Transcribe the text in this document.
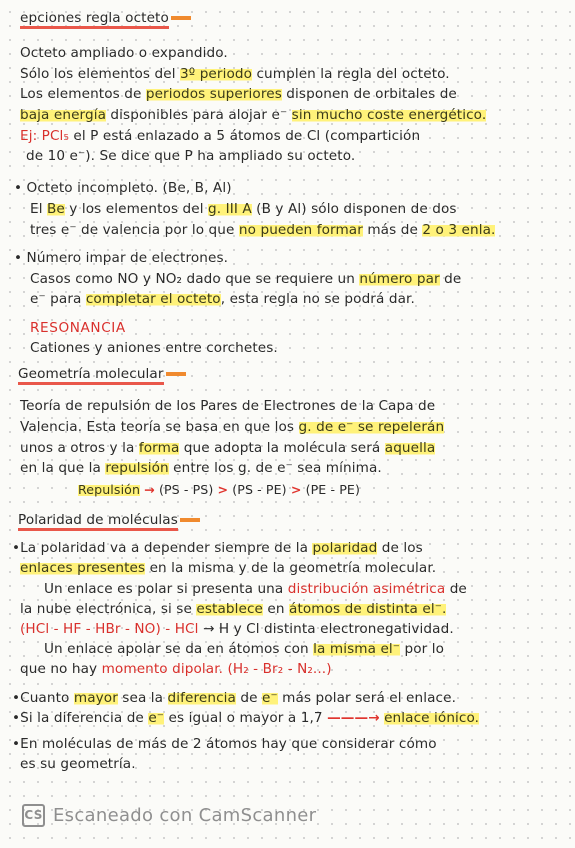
epciones regla octeto
Octeto ampliado o expandido.
Sólo los elementos del 3º periodo cumplen la regla del octeto.
Los elementos de periodos superiores disponen de orbitales de
baja energía disponibles para alojar e⁻ sin mucho coste energético.
Ej: PCl₅ el P está enlazado a 5 átomos de Cl (compartición
de 10 e⁻). Se dice que P ha ampliado su octeto.
• Octeto incompleto. (Be, B, Al)
El Be y los elementos del g. III A (B y Al) sólo disponen de dos
tres e⁻ de valencia por lo que no pueden formar más de 2 o 3 enla.
• Número impar de electrones.
Casos como NO y NO₂ dado que se requiere un número par de
e⁻ para completar el octeto, esta regla no se podrá dar.
RESONANCIA
Cationes y aniones entre corchetes.
Geometría molecular
Teoría de repulsión de los Pares de Electrones de la Capa de
Valencia. Esta teoría se basa en que los g. de e⁻ se repelerán
unos a otros y la forma que adopta la molécula será aquella
en la que la repulsión entre los g. de e⁻ sea mínima.
Repulsión → (PS - PS) > (PS - PE) > (PE - PE)
Polaridad de moléculas
•La polaridad va a depender siempre de la polaridad de los
enlaces presentes en la misma y de la geometría molecular.
Un enlace es polar si presenta una distribución asimétrica de
la nube electrónica, si se establece en átomos de distinta el⁻.
(HCl - HF - HBr - NO) - HCl → H y Cl distinta electronegatividad.
Un enlace apolar se da en átomos con la misma el⁻ por lo
que no hay momento dipolar. (H₂ - Br₂ - N₂...)
•Cuanto mayor sea la diferencia de e⁻ más polar será el enlace.
•Si la diferencia de e⁻ es igual o mayor a 1,7 ———→ enlace iónico.
•En moléculas de más de 2 átomos hay que considerar cómo
es su geometría.
CS Escaneado con CamScanner
